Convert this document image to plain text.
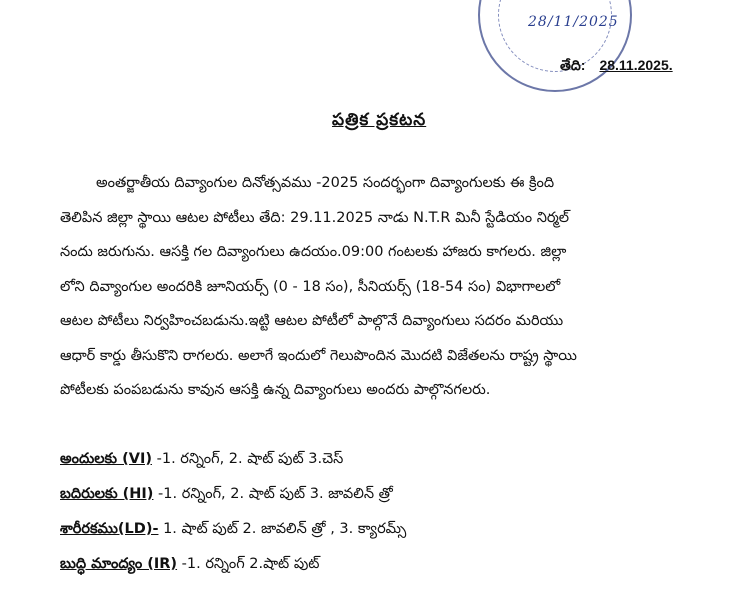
28/11/2025
తేది: 28.11.2025.
పత్రిక ప్రకటన
అంతర్జాతీయ దివ్యాంగుల దినోత్సవము -2025 సందర్భంగా దివ్యాంగులకు ఈ క్రింది
తెలిపిన జిల్లా స్థాయి ఆటల పోటీలు తేది: 29.11.2025 నాడు N.T.R మినీ స్టేడియం నిర్మల్
నందు జరుగును. ఆసక్తి గల దివ్యాంగులు ఉదయం.09:00 గంటలకు హాజరు కాగలరు. జిల్లా
లోని దివ్యాంగుల అందరికి జూనియర్స్ (0 - 18 సం), సీనియర్స్ (18-54 సం) విభాగాలలో
ఆటల పోటీలు నిర్వహించబడును.ఇట్టి ఆటల పోటీలో పాల్గొనే దివ్యాంగులు సదరం మరియు
ఆధార్ కార్డు తీసుకొని రాగలరు. అలాగే ఇందులో గెలుపొందిన మొదటి విజేతలను రాష్ట్ర స్థాయి
పోటీలకు పంపబడును కావున ఆసక్తి ఉన్న దివ్యాంగులు అందరు పాల్గొనగలరు.
అందులకు (VI) -1. రన్నింగ్, 2. షాట్ పుట్ 3.చెస్
బదిరులకు (HI) -1. రన్నింగ్, 2. షాట్ పుట్ 3. జావలిన్ త్రో
శారీరకము(LD)- 1. షాట్ పుట్ 2. జావలిన్ త్రో , 3. క్యారమ్స్
బుద్ధి మాంద్యం (IR) -1. రన్నింగ్ 2.షాట్ పుట్
